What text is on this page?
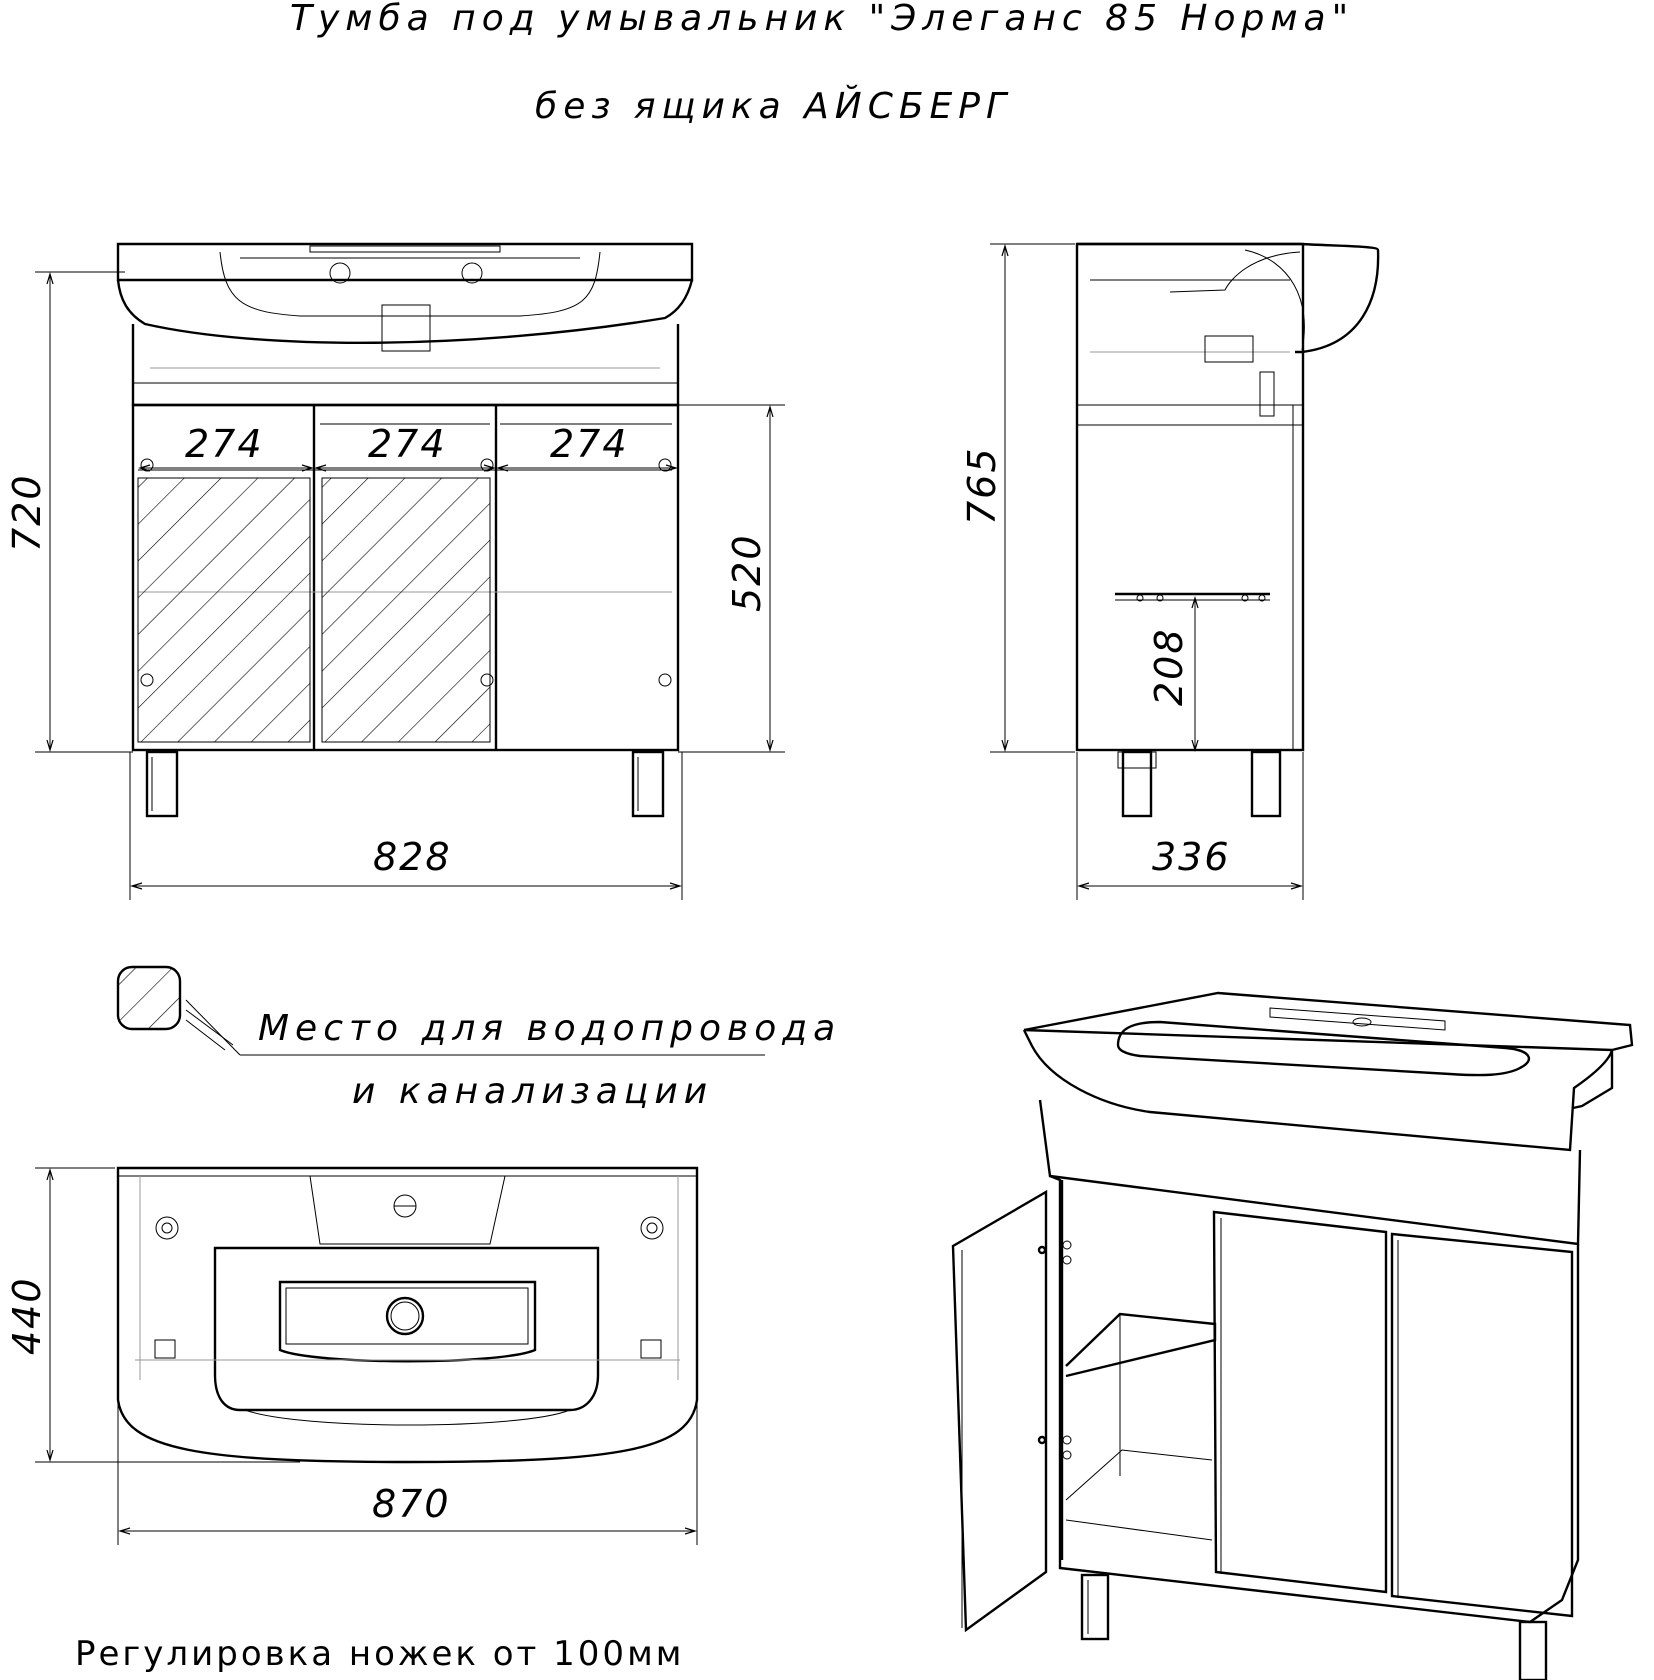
Тумба под умывальник "Элеганс 85 Норма"
без ящика АЙСБЕРГ
720
520
828
274	274	274
765
208
336
Место для водопровода
и канализации
440
870
Регулировка ножек от 100мм
